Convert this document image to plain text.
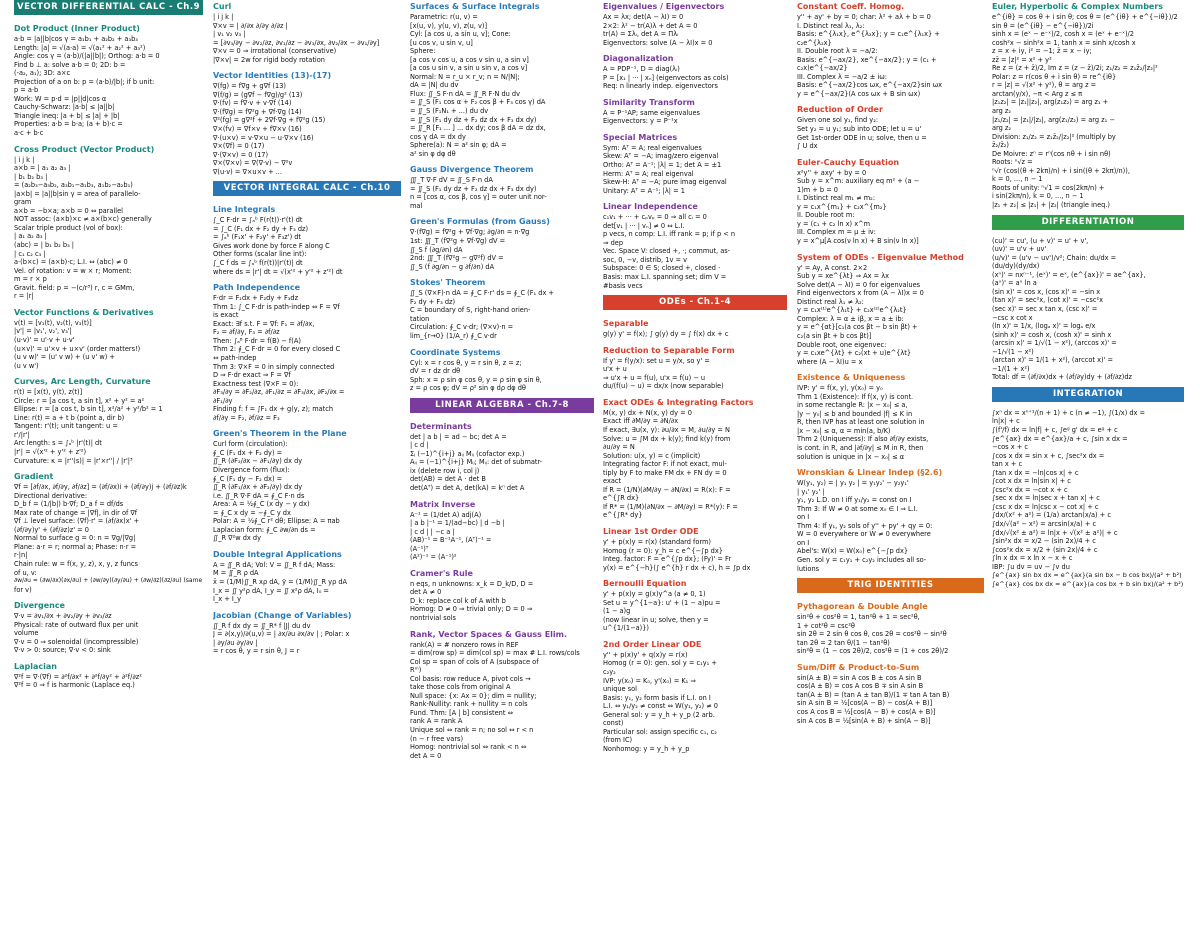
VECTOR DIFFERENTIAL CALC - Ch.9
Dot Product (Inner Product)
a·b = |a||b|cos γ = a₁b₁ + a₂b₂ + a₃b₃
Length: |a| = √(a·a) = √(a₁² + a₂² + a₃²)
Angle: cos γ = (a·b)/(|a||b|); Orthog: a·b = 0
Find b ⊥ a: solve a·b = 0; 2D: b =
(-a₂, a₁); 3D: a×c
Projection of a on b: p = (a·b)/|b|; if b unit:
p = a·b
Work: W = p·d = |p||d|cos α
Cauchy-Schwarz: |a·b| ≤ |a||b|
Triangle ineq: |a + b| ≤ |a| + |b|
Properties: a·b = b·a; (a + b)·c =
a·c + b·c
Cross Product (Vector Product)
| i j k |
a×b = | a₁ a₂ a₃ |
| b₁ b₂ b₃ |
= (a₂b₃−a₃b₂, a₃b₁−a₁b₃, a₁b₂−a₂b₁)
|a×b| = |a||b|sin γ = area of parallelo-
gram
a×b = −b×a; a×b = 0 ⇔ parallel
NOT assoc: (a×b)×c ≠ a×(b×c) generally
Scalar triple product (vol of box):
| a₁ a₂ a₃ |
(abc) = | b₁ b₂ b₃ |
| c₁ c₂ c₃ |
a·(b×c) = (a×b)·c; L.I. ⇔ (abc) ≠ 0
Vel. of rotation: v = w × r; Moment:
m = r × p
Gravit. field: p = −(c/r³) r, c = GMm,
r = |r|
Vector Functions & Derivatives
v(t) = [v₁(t), v₂(t), v₃(t)]
|v'| = |v₁', v₂', v₃'|
(u·v)' = u'·v + u·v'
(u×v)' = u'×v + u×v' (order matters!)
(u v w)' = (u' v w) + (u v' w) +
(u v w')
Curves, Arc Length, Curvature
r(t) = [x(t), y(t), z(t)]
Circle: r = [a cos t, a sin t], x² + y² = a²
Ellipse: r = [a cos t, b sin t], x²/a² + y²/b² = 1
Line: r(t) = a + t b (point a, dir b)
Tangent: r'(t); unit tangent: u =
r'/|r'|
Arc length: s = ∫ₐᵇ |r'(t)| dt
|r'| = √(x'² + y'² + z'²)
Curvature: κ = |r''(s)| = |r'×r''| / |r'|³
Gradient
∇f = [∂f/∂x, ∂f/∂y, ∂f/∂z] = (∂f/∂x)i + (∂f/∂y)j + (∂f/∂z)k
Directional derivative:
D_b f = (1/|b|) b·∇f; D_a f = df/ds
Max rate of change = |∇f|, in dir of ∇f
∇f ⊥ level surface: (∇f)·r' = (∂f/∂x)x' +
(∂f/∂y)y' + (∂f/∂z)z' = 0
Normal to surface g = 0: n = ∇g/|∇g|
Plane: a·r = r; normal a; Phase: n·r =
r·|n|
Chain rule: w = f(x, y, z), x, y, z funcs
of u, v:
∂w/∂u = (∂w/∂x)(∂x/∂u) + (∂w/∂y)(∂y/∂u) + (∂w/∂z)(∂z/∂u) (same
for v)
Divergence
∇·v = ∂v₁/∂x + ∂v₂/∂y + ∂v₃/∂z
Physical: rate of outward flux per unit
volume
∇·v = 0 ⇒ solenoidal (incompressible)
∇·v > 0: source; ∇·v < 0: sink
Laplacian
∇²f = ∇·(∇f) = ∂²f/∂x² + ∂²f/∂y² + ∂²f/∂z²
∇²f = 0 ⇒ f is harmonic (Laplace eq.)
Curl
| i j k |
∇×v = | ∂/∂x ∂/∂y ∂/∂z |
| v₁ v₂ v₃ |
= [∂v₃/∂y − ∂v₂/∂z, ∂v₁/∂z − ∂v₃/∂x, ∂v₂/∂x − ∂v₁/∂y]
∇×v = 0 ⇒ irrotational (conservative)
|∇×v| = 2w for rigid body rotation
Vector Identities (13)-(17)
∇(fg) = f∇g + g∇f (13)
∇(f/g) = (g∇f − f∇g)/g² (13)
∇·(fv) = f∇·v + v·∇f (14)
∇·(f∇g) = f∇²g + ∇f·∇g (14)
∇²(fg) = g∇²f + 2∇f·∇g + f∇²g (15)
∇×(fv) = ∇f×v + f∇×v (16)
∇·(u×v) = v·∇×u − u·∇×v (16)
∇×(∇f) = 0 (17)
∇·(∇×v) = 0 (17)
∇×(∇×v) = ∇(∇·v) − ∇²v
∇(u·v) = ∇×u×v + ...
VECTOR INTEGRAL CALC - Ch.10
Line Integrals
∫_C F·dr = ∫ₐᵇ F(r(t))·r'(t) dt
= ∫_C (F₁ dx + F₂ dy + F₃ dz)
= ∫ₐᵇ (F₁x' + F₂y' + F₃z') dt
Gives work done by force F along C
Other forms (scalar line int):
∫_C f ds = ∫ₐᵇ f(r(t))|r'(t)| dt
where ds = |r'| dt = √(x'² + y'² + z'²) dt
Path Independence
F·dr = F₁dx + F₂dy + F₃dz
Thm 1: ∫_C F·dr is path-indep ⇔ F = ∇f
is exact
Exact: ∃f s.t. F = ∇f: F₁ = ∂f/∂x,
F₂ = ∂f/∂y, F₃ = ∂f/∂z
Then: ∫ₐᴮ F·dr = f(B) − f(A)
Thm 2: ∮_C F·dr = 0 for every closed C
⇔ path-indep
Thm 3: ∇×F = 0 in simply connected
D ⇒ F·dr exact ⇒ F = ∇f
Exactness test (∇×F = 0):
∂F₃/∂y = ∂F₂/∂z, ∂F₁/∂z = ∂F₃/∂x, ∂F₂/∂x =
∂F₁/∂y
Finding f: f = ∫F₁ dx + g(y, z); match
∂f/∂y = F₂, ∂f/∂z = F₃
Green's Theorem in the Plane
Curl form (circulation):
∮_C (F₁ dx + F₂ dy) =
∬_R (∂F₂/∂x − ∂F₁/∂y) dx dy
Divergence form (flux):
∮_C (F₁ dy − F₂ dx) =
∬_R (∂F₁/∂x + ∂F₂/∂y) dx dy
i.e. ∬_R ∇·F dA = ∮_C F·n ds
Area: A = ½∮_C (x dy − y dx)
= ∮_C x dy = −∮_C y dx
Polar: A = ½∮_C r² dθ; Ellipse: A = πab
Laplacian form: ∮_C ∂w/∂n ds =
∬_R ∇²w dx dy
Double Integral Applications
A = ∬_R dA; Vol: V = ∬_R f dA; Mass:
M = ∬_R ρ dA
x̄ = (1/M)∬_R xρ dA, ȳ = (1/M)∬_R yρ dA
I_x = ∬ y²ρ dA, I_y = ∬ x²ρ dA, I₀ =
I_x + I_y
Jacobian (Change of Variables)
∬_R f dx dy = ∬_R* f |J| du dv
J = ∂(x,y)/∂(u,v) = | ∂x/∂u ∂x/∂v | ; Polar: x
| ∂y/∂u ∂y/∂v |
= r cos θ, y = r sin θ, J = r
Surfaces & Surface Integrals
Parametric: r(u, v) =
[x(u, v), y(u, v), z(u, v)]
Cyl: [a cos u, a sin u, v]; Cone:
[u cos v, u sin v, u]
Sphere:
[a cos v cos u, a cos v sin u, a sin v]
[a cos u sin v, a sin u sin v, a cos v]
Normal: N = r_u × r_v; n = N/|N|;
dA = |N| du dv
Flux: ∬_S F·n dA = ∬_R F·N du dv
= ∬_S (F₁ cos α + F₂ cos β + F₃ cos γ) dA
= ∬_S (F₁N₁ + ...) du dv
= ∬_S (F₁ dy dz + F₂ dz dx + F₃ dx dy)
= ∬_R [F₁ ... ] ... dx dy; cos β dA = dz dx,
cos γ dA = dx dy
Sphere(a): N = a² sin φ; dA =
a² sin φ dφ dθ
Gauss Divergence Theorem
∭_T ∇·F dV = ∬_S F·n dA
= ∬_S (F₁ dy dz + F₂ dz dx + F₃ dx dy)
n = [cos α, cos β, cos γ] = outer unit nor-
mal
Green's Formulas (from Gauss)
∇·(f∇g) = f∇²g + ∇f·∇g; ∂g/∂n = n·∇g
1st: ∭_T (f∇²g + ∇f·∇g) dV =
∬_S f (∂g/∂n) dA
2nd: ∭_T (f∇²g − g∇²f) dV =
∬_S (f ∂g/∂n − g ∂f/∂n) dA
Stokes' Theorem
∬_S (∇×F)·n dA = ∮_C F·r' ds = ∮_C (F₁ dx +
F₂ dy + F₃ dz)
C = boundary of S, right-hand orien-
tation
Circulation: ∮_C v·dr; (∇×v)·n =
lim_{r→0} (1/A_r) ∮_C v·dr
Coordinate Systems
Cyl: x = r cos θ, y = r sin θ, z = z;
dV = r dz dr dθ
Sph: x = ρ sin φ cos θ, y = ρ sin φ sin θ,
z = ρ cos φ; dV = ρ² sin φ dρ dφ dθ
LINEAR ALGEBRA - Ch.7-8
Determinants
det | a b | = ad − bc; det A =
| c d |
Σⱼ (−1)^{i+j} aᵢⱼ Mᵢⱼ (cofactor exp.)
Aᵢⱼ = (−1)^{i+j} Mᵢⱼ; Mᵢⱼ: det of submatr-
ix (delete row i, col j)
det(AB) = det A · det B
det(Aᵀ) = det A, det(kA) = kⁿ det A
Matrix Inverse
A⁻¹ = (1/det A) adj(A)
| a b |⁻¹ = 1/(ad−bc) | d −b |
| c d | | −c a |
(AB)⁻¹ = B⁻¹A⁻¹, (Aᵀ)⁻¹ =
(A⁻¹)ᵀ
(A²)⁻¹ = (A⁻¹)²
Cramer's Rule
n eqs, n unknowns: x_k = D_k/D, D =
det A ≠ 0
D_k: replace col k of A with b
Homog: D ≠ 0 ⇒ trivial only; D = 0 ⇒
nontrivial sols
Rank, Vector Spaces & Gauss Elim.
rank(A) = # nonzero rows in REF
= dim(row sp) = dim(col sp) = max # L.I. rows/cols
Col sp = span of cols of A (subspace of
Rᵐ)
Col basis: row reduce A, pivot cols →
take those cols from original A
Null space: {x: Ax = 0}; dim = nullity;
Rank-Nullity: rank + nullity = n cols
Fund. Thm: [A | b] consistent ⇔
rank A = rank Ã
Unique sol ⇔ rank = n; no sol ⇔ r < n
(n − r free vars)
Homog: nontrivial sol ⇔ rank < n ⇔
det A = 0
Eigenvalues / Eigenvectors
Ax = λx; det(A − λI) = 0
2×2: λ² − tr(A)λ + det A = 0
tr(A) = Σλᵢ, det A = Πλᵢ
Eigenvectors: solve (A − λI)x = 0
Diagonalization
A = PDP⁻¹, D = diag(λᵢ)
P = [x₁ | ··· | xₙ] (eigenvectors as cols)
Req: n linearly indep. eigenvectors
Similarity Transform
Â = P⁻¹AP; same eigenvalues
Eigenvectors: y = P⁻¹x
Special Matrices
Sym: Aᵀ = A; real eigenvalues
Skew: Aᵀ = −A; imag/zero eigenval
Ortho: Aᵀ = A⁻¹; |λ| = 1; det A = ±1
Herm: Āᵀ = A; real eigenval
Skew-H: Āᵀ = −A; pure imag eigenval
Unitary: Āᵀ = A⁻¹; |λ| = 1
Linear Independence
c₁v₁ + ··· + cₚvₚ = 0 ⇒ all cᵢ = 0
det[v₁ | ··· | vₙ] ≠ 0 ⇔ L.I.
p vecs, n comp: L.I. iff rank = p; if p < n
⇒ dep
Vec. Space V: closed +, ·; commut, as-
soc, 0, −v, distrib, 1v = v
Subspace: 0 ∈ S; closed +, closed ·
Basis: max L.I. spanning set; dim V =
#basis vecs
ODEs - Ch.1-4
Separable
g(y) y' = f(x); ∫ g(y) dy = ∫ f(x) dx + c
Reduction to Separable Form
If y' = f(y/x): set u = y/x, so y' =
u'x + u
⇒ u'x + u = f(u), u'x = f(u) − u
du/(f(u) − u) = dx/x (now separable)
Exact ODEs & Integrating Factors
M(x, y) dx + N(x, y) dy = 0
Exact iff ∂M/∂y = ∂N/∂x
If exact, ∃u(x, y): ∂u/∂x = M, ∂u/∂y = N
Solve: u = ∫M dx + k(y); find k(y) from
∂u/∂y = N
Solution: u(x, y) = c (implicit)
Integrating factor F: if not exact, mul-
tiply by F to make FM dx + FN dy = 0
exact
If R = (1/N)(∂M/∂y − ∂N/∂x) = R(x): F =
e^{∫R dx}
If R* = (1/M)(∂N/∂x − ∂M/∂y) = R*(y): F =
e^{∫R* dy}
Linear 1st Order ODE
y' + p(x)y = r(x) (standard form)
Homog (r = 0): y_h = c e^{−∫p dx}
Integ. factor: F = e^{∫p dx}; (Fy)' = Fr
y(x) = e^{−h}(∫ e^{h} r dx + c), h = ∫p dx
Bernoulli Equation
y' + p(x)y = g(x)y^a (a ≠ 0, 1)
Set u = y^{1−a}: u' + (1 − a)pu =
(1 − a)g
(now linear in u; solve, then y =
u^{1/(1−a)})
2nd Order Linear ODE
y'' + p(x)y' + q(x)y = r(x)
Homog (r = 0): gen. sol y = c₁y₁ +
c₂y₂
IVP: y(x₀) = K₀, y'(x₀) = K₁ ⇒
unique sol
Basis: y₁, y₂ form basis if L.I. on I
L.I. ⇔ y₁/y₂ ≠ const ⇔ W(y₁, y₂) ≠ 0
General sol: y = y_h + y_p (2 arb.
const)
Particular sol: assign specific c₁, c₂
(from IC)
Nonhomog: y = y_h + y_p
Constant Coeff. Homog.
y'' + ay' + by = 0; char: λ² + aλ + b = 0
I. Distinct real λ₁, λ₂:
Basis: e^{λ₁x}, e^{λ₂x}; y = c₁e^{λ₁x} +
c₂e^{λ₂x}
II. Double root λ = −a/2:
Basis: e^{−ax/2}, xe^{−ax/2}; y = (c₁ +
c₂x)e^{−ax/2}
III. Complex λ = −a/2 ± iω:
Basis: e^{−ax/2}cos ωx, e^{−ax/2}sin ωx
y = e^{−ax/2}(A cos ωx + B sin ωx)
Reduction of Order
Given one sol y₁, find y₂:
Set y₂ = u y₁; sub into ODE; let u = u'
Get 1st-order ODE in u; solve, then u =
∫ U dx
Euler-Cauchy Equation
x²y'' + axy' + by = 0
Sub y = x^m: auxiliary eq m² + (a −
1)m + b = 0
I. Distinct real m₁ ≠ m₂:
y = c₁x^{m₁} + c₂x^{m₂}
II. Double root m:
y = (c₁ + c₂ ln x) x^m
III. Complex m = μ ± iν:
y = x^μ[A cos(ν ln x) + B sin(ν ln x)]
System of ODEs - Eigenvalue Method
y' = Ay, A const. 2×2
Sub y = xe^{λt} ⇒ Ax = λx
Solve det(A − λI) = 0 for eigenvalues
Find eigenvectors x from (A − λI)x = 0
Distinct real λ₁ ≠ λ₂:
y = c₁x⁽¹⁾e^{λ₁t} + c₂x⁽²⁾e^{λ₂t}
Complex: λ = α ± iβ, x = a ± ib:
y = e^{αt}[c₁(a cos βt − b sin βt) +
c₂(a sin βt + b cos βt)]
Double root, one eigenvec:
y = c₁xe^{λt} + c₂(xt + u)e^{λt}
where (A − λI)u = x
Existence & Uniqueness
IVP: y' = f(x, y), y(x₀) = y₀
Thm 1 (Existence): If f(x, y) is cont.
in some rectangle R: |x − x₀| ≤ a,
|y − y₀| ≤ b and bounded |f| ≤ K in
R, then IVP has at least one solution in
|x − x₀| ≤ α, α = min(a, b/K)
Thm 2 (Uniqueness): If also ∂f/∂y exists,
is cont. in R, and |∂f/∂y| ≤ M in R, then
solution is unique in |x − x₀| ≤ α
Wronskian & Linear Indep (§2.6)
W(y₁, y₂) = | y₁ y₂ | = y₁y₂' − y₂y₁'
| y₁' y₂' |
y₁, y₂ L.D. on I iff y₁/y₂ = const on I
Thm 3: If W ≠ 0 at some x₀ ∈ I ⇒ L.I.
on I
Thm 4: If y₁, y₂ sols of y'' + py' + qy = 0:
W = 0 everywhere or W ≠ 0 everywhere
on I
Abel's: W(x) = W(x₀) e^{−∫p dx}
Gen. sol y = c₁y₁ + c₂y₂ includes all so-
lutions
TRIG IDENTITIES
Pythagorean & Double Angle
sin²θ + cos²θ = 1, tan²θ + 1 = sec²θ,
1 + cot²θ = csc²θ
sin 2θ = 2 sin θ cos θ, cos 2θ = cos²θ − sin²θ
tan 2θ = 2 tan θ/(1 − tan²θ)
sin²θ = (1 − cos 2θ)/2, cos²θ = (1 + cos 2θ)/2
Sum/Diff & Product-to-Sum
sin(A ± B) = sin A cos B ± cos A sin B
cos(A ± B) = cos A cos B ∓ sin A sin B
tan(A ± B) = (tan A ± tan B)/(1 ∓ tan A tan B)
sin A sin B = ½[cos(A − B) − cos(A + B)]
cos A cos B = ½[cos(A − B) + cos(A + B)]
sin A cos B = ½[sin(A + B) + sin(A − B)]
Euler, Hyperbolic & Complex Numbers
e^{iθ} = cos θ + i sin θ; cos θ = (e^{iθ} + e^{−iθ})/2
sin θ = (e^{iθ} − e^{−iθ})/2i
sinh x = (eˣ − e⁻ˣ)/2, cosh x = (eˣ + e⁻ˣ)/2
cosh²x − sinh²x = 1, tanh x = sinh x/cosh x
z = x + iy, i² = −1; z̄ = x − iy;
zz̄ = |z|² = x² + y²
Re z = (z + z̄)/2, Im z = (z − z̄)/2i; z₁/z₂ = z₁z̄₂/|z₂|²
Polar: z = r(cos θ + i sin θ) = re^{iθ}
r = |z| = √(x² + y²), θ = arg z =
arctan(y/x), −π < Arg z ≤ π
|z₁z₂| = |z₁||z₂|, arg(z₁z₂) = arg z₁ +
arg z₂
|z₁/z₂| = |z₁|/|z₂|, arg(z₁/z₂) = arg z₁ −
arg z₂
Division: z₁/z₂ = z₁z̄₂/|z₂|² (multiply by
z̄₂/z̄₂)
De Moivre: zⁿ = rⁿ(cos nθ + i sin nθ)
Roots: ⁿ√z =
ⁿ√r (cos((θ + 2kπ)/n) + i sin((θ + 2kπ)/n)),
k = 0, ..., n − 1
Roots of unity: ⁿ√1 = cos(2kπ/n) +
i sin(2kπ/n), k = 0, ..., n − 1
|z₁ + z₂| ≤ |z₁| + |z₂| (triangle ineq.)
DIFFERENTIATION
(cu)' = cu', (u + v)' = u' + v',
(uv)' = u'v + uv'
(u/v)' = (u'v − uv')/v²; Chain: du/dx =
(du/dy)(dy/dx)
(xⁿ)' = nxⁿ⁻¹, (eˣ)' = eˣ, (e^{ax})' = ae^{ax},
(aˣ)' = aˣ ln a
(sin x)' = cos x, (cos x)' = −sin x
(tan x)' = sec²x, (cot x)' = −csc²x
(sec x)' = sec x tan x, (csc x)' =
−csc x cot x
(ln x)' = 1/x, (logₐ x)' = logₐ e/x
(sinh x)' = cosh x, (cosh x)' = sinh x
(arcsin x)' = 1/√(1 − x²), (arccos x)' =
−1/√(1 − x²)
(arctan x)' = 1/(1 + x²), (arccot x)' =
−1/(1 + x²)
Total: df = (∂f/∂x)dx + (∂f/∂y)dy + (∂f/∂z)dz
INTEGRATION
∫xⁿ dx = xⁿ⁺¹/(n + 1) + c (n ≠ −1), ∫(1/x) dx =
ln|x| + c
∫(f'/f) dx = ln|f| + c, ∫eᵍ g' dx = eᵍ + c
∫e^{ax} dx = e^{ax}/a + c, ∫sin x dx =
−cos x + c
∫cos x dx = sin x + c, ∫sec²x dx =
tan x + c
∫tan x dx = −ln|cos x| + c
∫cot x dx = ln|sin x| + c
∫csc²x dx = −cot x + c
∫sec x dx = ln|sec x + tan x| + c
∫csc x dx = ln|csc x − cot x| + c
∫dx/(x² + a²) = (1/a) arctan(x/a) + c
∫dx/√(a² − x²) = arcsin(x/a) + c
∫dx/√(x² ± a²) = ln|x + √(x² ± a²)| + c
∫sin²x dx = x/2 − (sin 2x)/4 + c
∫cos²x dx = x/2 + (sin 2x)/4 + c
∫ln x dx = x ln x − x + c
IBP: ∫u dv = uv − ∫v du
∫e^{ax} sin bx dx = e^{ax}(a sin bx − b cos bx)/(a² + b²)
∫e^{ax} cos bx dx = e^{ax}(a cos bx + b sin bx)/(a² + b²)
